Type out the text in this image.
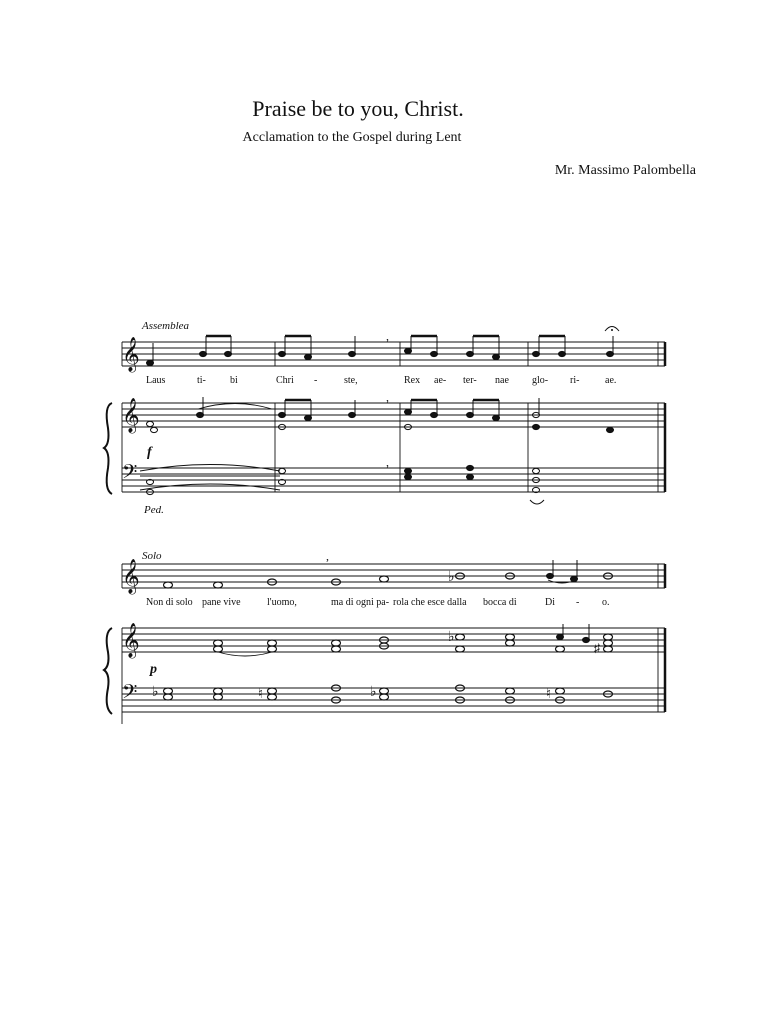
Praise be to you, Christ.

Acclamation to the Gospel during Lent

Mr. Massimo Palombella

Assemblea
𝄞
𝄞
𝄢
,
,
,
Laus	ti- bi	Chri -	ste,	Rex ae- ter- nae glo- ri-	ae.
f
Ped.
Solo
𝄞
𝄞
𝄢
♭
,
♭
♯
♭	♮	♭	♮
Non di solo pane vive	l'uomo,	ma di ogni pa- rola che esce dalla bocca di	Di - o.
p
